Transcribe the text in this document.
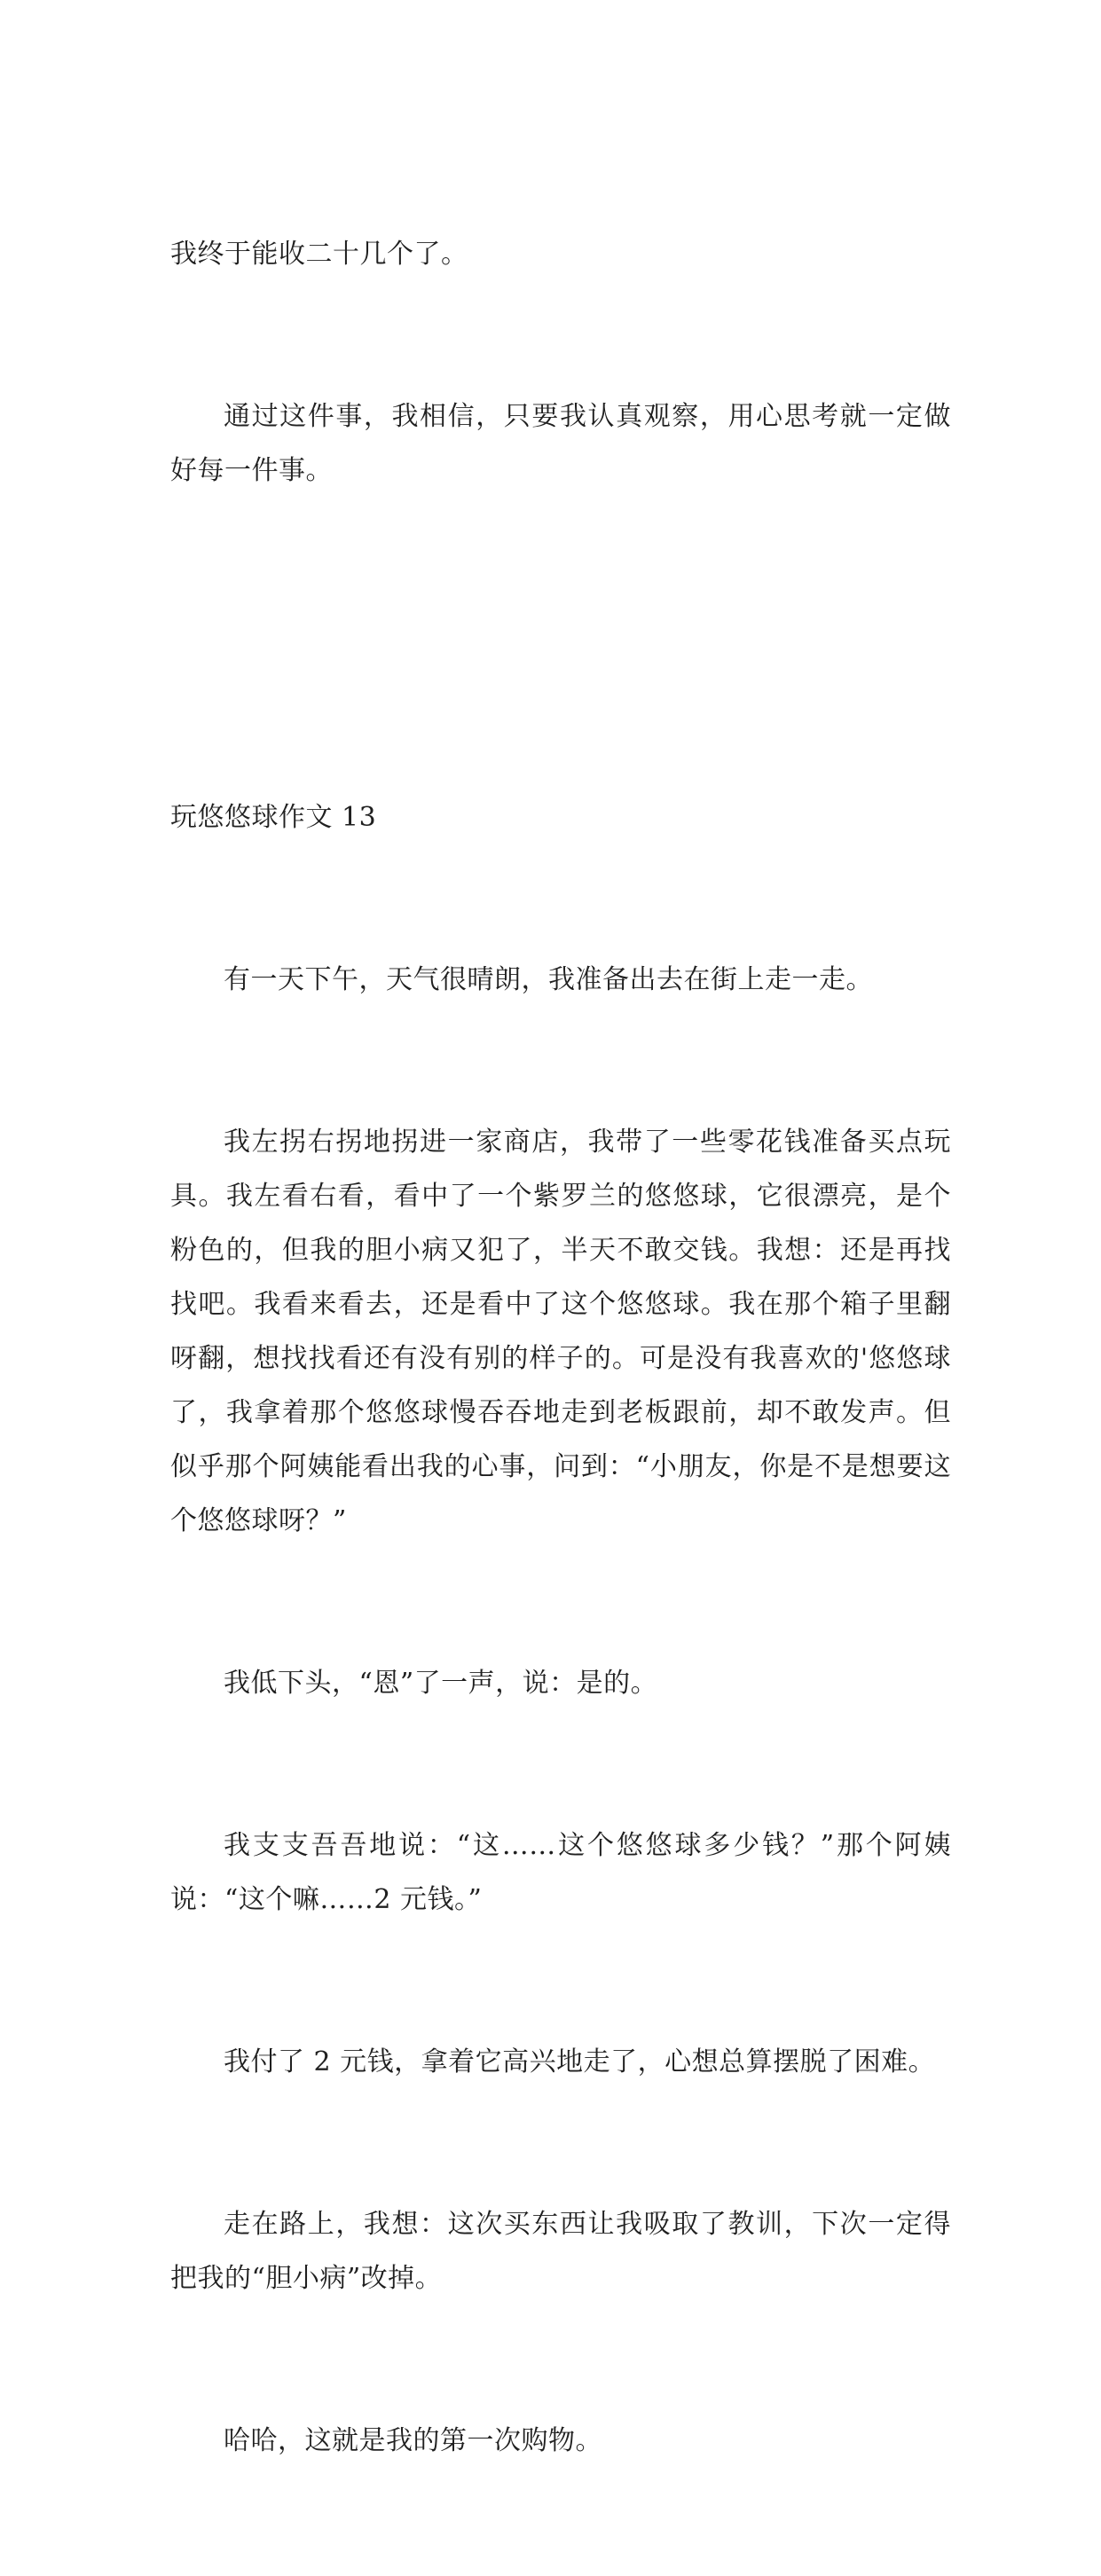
我终于能收二十几个了。

通过这件事，我相信，只要我认真观察，用心思考就一定做好每一件事。

玩悠悠球作文 13

有一天下午，天气很晴朗，我准备出去在街上走一走。

我左拐右拐地拐进一家商店，我带了一些零花钱准备买点玩具。我左看右看，看中了一个紫罗兰的悠悠球，它很漂亮，是个粉色的，但我的胆小病又犯了，半天不敢交钱。我想：还是再找找吧。我看来看去，还是看中了这个悠悠球。我在那个箱子里翻呀翻，想找找看还有没有别的样子的。可是没有我喜欢的'悠悠球了，我拿着那个悠悠球慢吞吞地走到老板跟前，却不敢发声。但似乎那个阿姨能看出我的心事，问到：“小朋友，你是不是想要这个悠悠球呀？”

我低下头，“恩”了一声，说：是的。

我支支吾吾地说：“这……这个悠悠球多少钱？”那个阿姨说：“这个嘛……2 元钱。”

我付了 2 元钱，拿着它高兴地走了，心想总算摆脱了困难。

走在路上，我想：这次买东西让我吸取了教训，下次一定得把我的“胆小病”改掉。

哈哈，这就是我的第一次购物。
